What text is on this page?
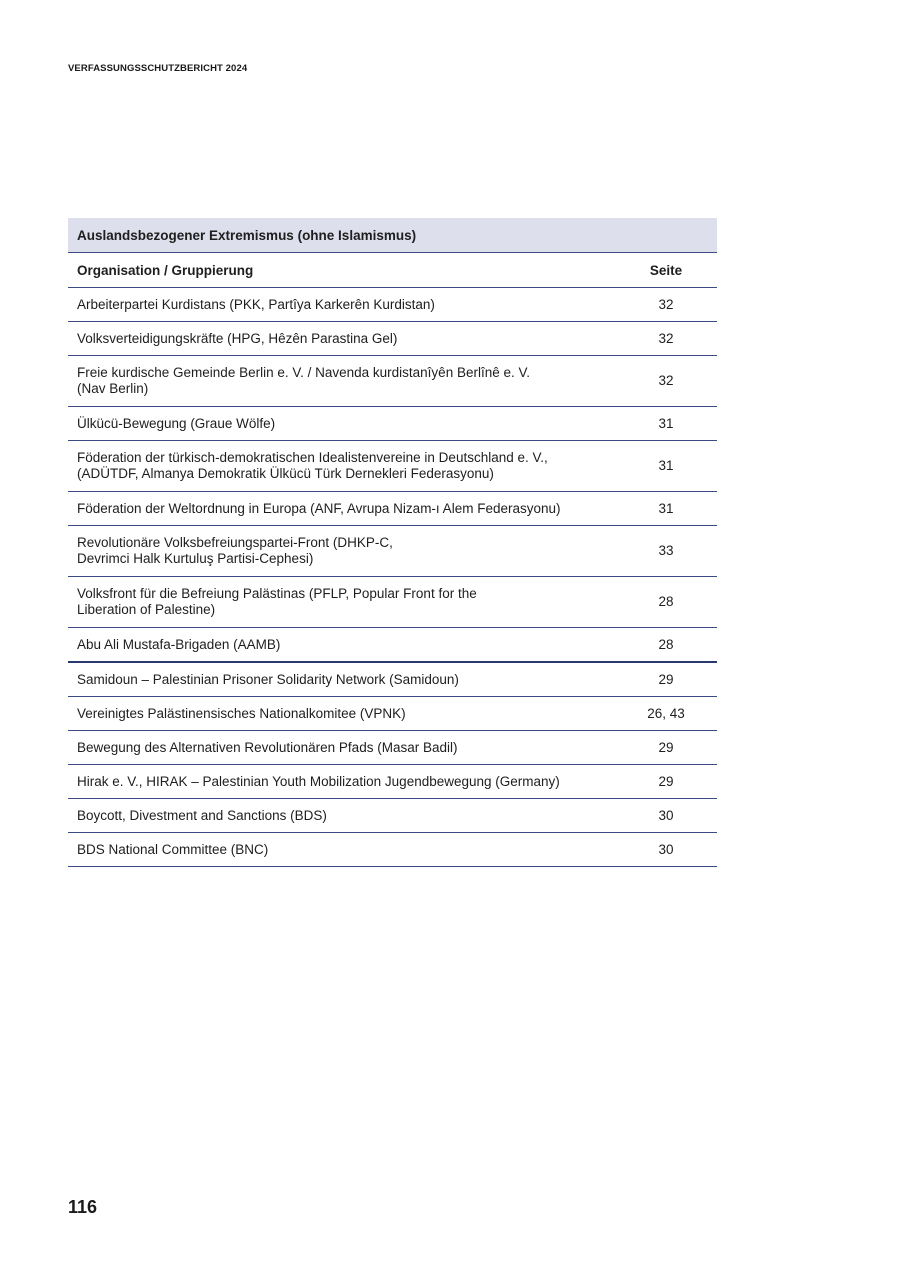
VERFASSUNGSSCHUTZBERICHT 2024
Auslandsbezogener Extremismus (ohne Islamismus)	
Organisation / Gruppierung	Seite
Arbeiterpartei Kurdistans (PKK, Partîya Karkerên Kurdistan)	32
Volksverteidigungskräfte (HPG, Hêzên Parastina Gel)	32
Freie kurdische Gemeinde Berlin e. V. / Navenda kurdistanîyên Berlînê e. V.
(Nav Berlin)	32
Ülkücü-Bewegung (Graue Wölfe)	31
Föderation der türkisch-demokratischen Idealistenvereine in Deutschland e. V.,
(ADÜTDF, Almanya Demokratik Ülkücü Türk Dernekleri Federasyonu)	31
Föderation der Weltordnung in Europa (ANF, Avrupa Nizam-ı Alem Federasyonu)	31
Revolutionäre Volksbefreiungspartei-Front (DHKP-C,
Devrimci Halk Kurtuluş Partisi-Cephesi)	33
Volksfront für die Befreiung Palästinas (PFLP, Popular Front for the
Liberation of Palestine)	28
Abu Ali Mustafa-Brigaden (AAMB)	28
Samidoun – Palestinian Prisoner Solidarity Network (Samidoun)	29
Vereinigtes Palästinensisches Nationalkomitee (VPNK)	26, 43
Bewegung des Alternativen Revolutionären Pfads (Masar Badil)	29
Hirak e. V., HIRAK – Palestinian Youth Mobilization Jugendbewegung (Germany)	29
Boycott, Divestment and Sanctions (BDS)	30
BDS National Committee (BNC)	30
116
